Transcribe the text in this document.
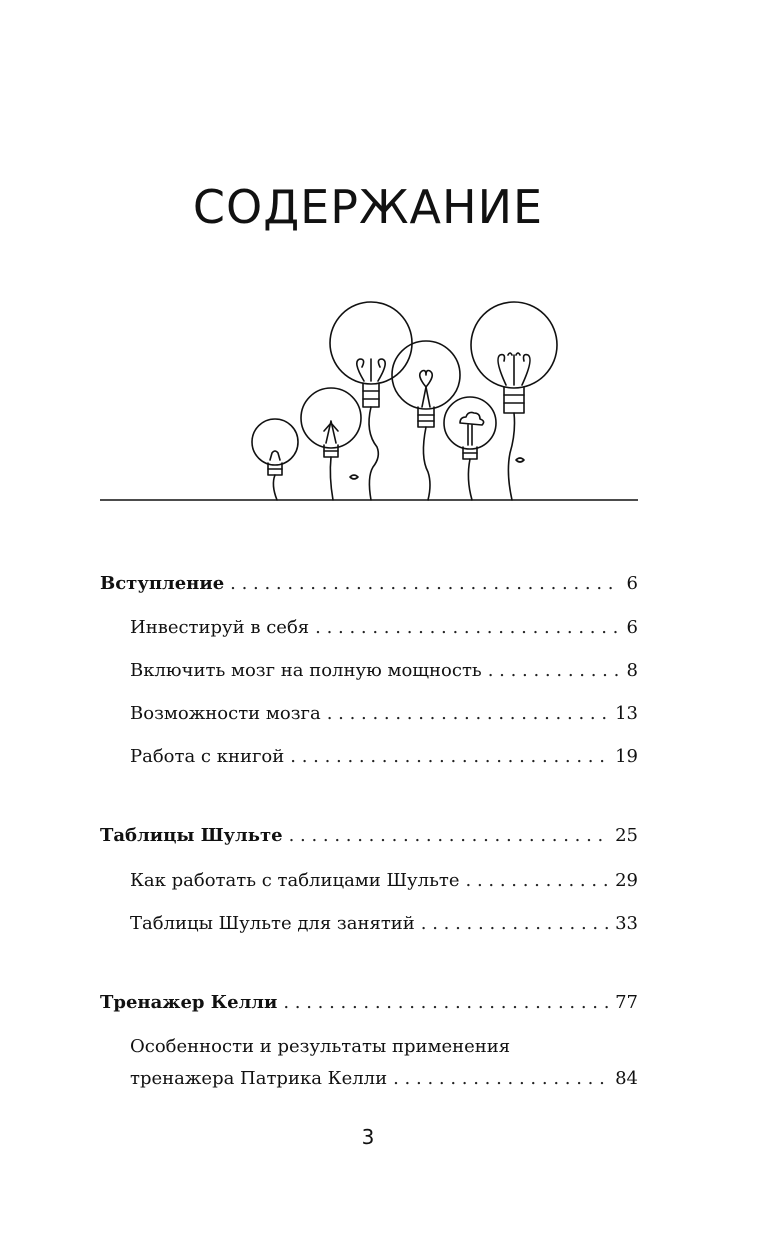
СОДЕРЖАНИЕ
Вступление . . .	6
Инвестируй в себя . . .	6
Включить мозг на полную мощность . . .	8
Возможности мозга . . .	13
Работа с книгой . . .	19
Таблицы Шульте . . .	25
Как работать с таблицами Шульте . . .	29
Таблицы Шульте для занятий . . .	33
Тренажер Келли . . .	77
Особенности и результаты применения
тренажера Патрика Келли . . .	84
3
